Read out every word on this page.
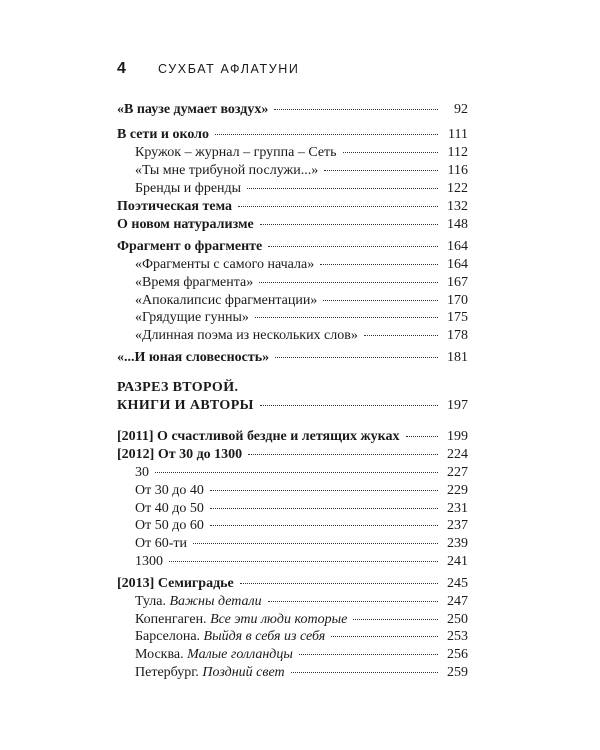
4	СУХБАТ АФЛАТУНИ
«В паузе думает воздух»	92
В сети и около	111
Кружок – журнал – группа – Сеть	112
«Ты мне трибуной послужи...»	116
Бренды и френды	122
Поэтическая тема	132
О новом натурализме	148
Фрагмент о фрагменте	164
«Фрагменты с самого начала»	164
«Время фрагмента»	167
«Апокалипсис фрагментации»	170
«Грядущие гунны»	175
«Длинная поэма из нескольких слов»	178
«...И юная словесность»	181
РАЗРЕЗ ВТОРОЙ.
КНИГИ И АВТОРЫ	197
[2011] О счастливой бездне и летящих жуках	199
[2012] От 30 до 1300	224
30	227
От 30 до 40	229
От 40 до 50	231
От 50 до 60	237
От 60-ти	239
1300	241
[2013] Семиградье	245
Тула. Важны детали	247
Копенгаген. Все эти люди которые	250
Барселона. Выйдя в себя из себя	253
Москва. Малые голландцы	256
Петербург. Поздний свет	259
